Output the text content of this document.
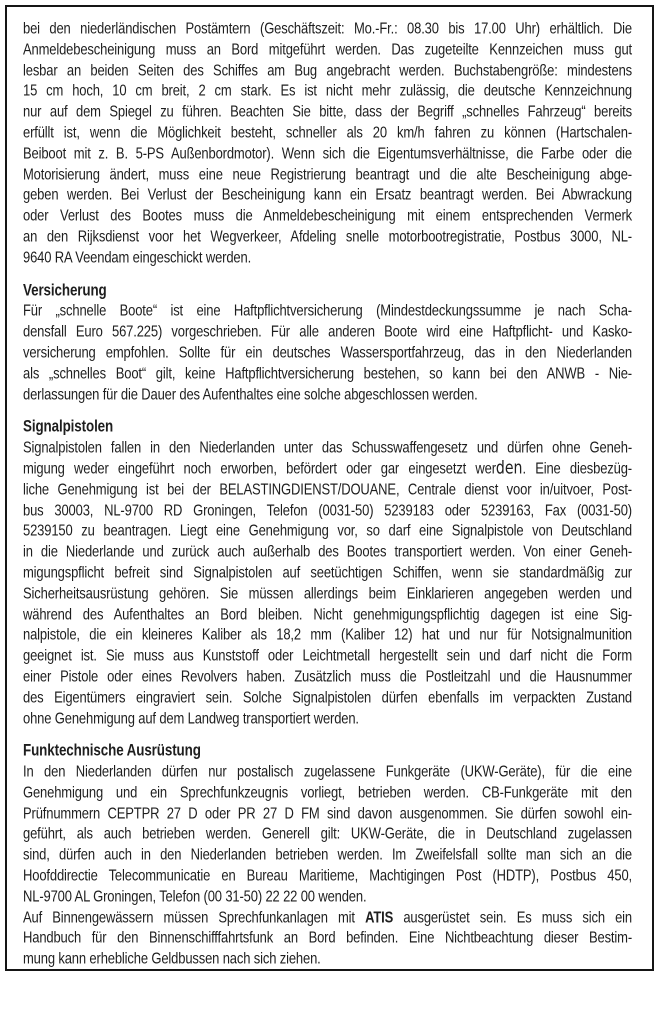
bei den niederländischen Postämtern (Geschäftszeit: Mo.-Fr.: 08.30 bis 17.00 Uhr) erhältlich. Die
Anmeldebescheinigung muss an Bord mitgeführt werden. Das zugeteilte Kennzeichen muss gut
lesbar an beiden Seiten des Schiffes am Bug angebracht werden. Buchstabengröße: mindestens
15 cm hoch, 10 cm breit, 2 cm stark. Es ist nicht mehr zulässig, die deutsche Kennzeichnung
nur auf dem Spiegel zu führen. Beachten Sie bitte, dass der Begriff „schnelles Fahrzeug“ bereits
erfüllt ist, wenn die Möglichkeit besteht, schneller als 20 km/h fahren zu können (Hartschalen-
Beiboot mit z. B. 5-PS Außenbordmotor). Wenn sich die Eigentumsverhältnisse, die Farbe oder die
Motorisierung ändert, muss eine neue Registrierung beantragt und die alte Bescheinigung abge-
geben werden. Bei Verlust der Bescheinigung kann ein Ersatz beantragt werden. Bei Abwrackung
oder Verlust des Bootes muss die Anmeldebescheinigung mit einem entsprechenden Vermerk
an den Rijksdienst voor het Wegverkeer, Afdeling snelle motorbootregistratie, Postbus 3000, NL-
9640 RA Veendam eingeschickt werden.
Versicherung
Für „schnelle Boote“ ist eine Haftpflichtversicherung (Mindestdeckungssumme je nach Scha-
densfall Euro 567.225) vorgeschrieben. Für alle anderen Boote wird eine Haftpflicht- und Kasko-
versicherung empfohlen. Sollte für ein deutsches Wassersportfahrzeug, das in den Niederlanden
als „schnelles Boot“ gilt, keine Haftpflichtversicherung bestehen, so kann bei den ANWB - Nie-
derlassungen für die Dauer des Aufenthaltes eine solche abgeschlossen werden.
Signalpistolen
Signalpistolen fallen in den Niederlanden unter das Schusswaffengesetz und dürfen ohne Geneh-
migung weder eingeführt noch erworben, befördert oder gar eingesetzt werden. Eine diesbezüg-
liche Genehmigung ist bei der BELASTINGDIENST/DOUANE, Centrale dienst voor in/uitvoer, Post-
bus 30003, NL-9700 RD Groningen, Telefon (0031-50) 5239183 oder 5239163, Fax (0031-50)
5239150 zu beantragen. Liegt eine Genehmigung vor, so darf eine Signalpistole von Deutschland
in die Niederlande und zurück auch außerhalb des Bootes transportiert werden. Von einer Geneh-
migungspflicht befreit sind Signalpistolen auf seetüchtigen Schiffen, wenn sie standardmäßig zur
Sicherheitsausrüstung gehören. Sie müssen allerdings beim Einklarieren angegeben werden und
während des Aufenthaltes an Bord bleiben. Nicht genehmigungspflichtig dagegen ist eine Sig-
nalpistole, die ein kleineres Kaliber als 18,2 mm (Kaliber 12) hat und nur für Notsignalmunition
geeignet ist. Sie muss aus Kunststoff oder Leichtmetall hergestellt sein und darf nicht die Form
einer Pistole oder eines Revolvers haben. Zusätzlich muss die Postleitzahl und die Hausnummer
des Eigentümers eingraviert sein. Solche Signalpistolen dürfen ebenfalls im verpackten Zustand
ohne Genehmigung auf dem Landweg transportiert werden.
Funktechnische Ausrüstung
In den Niederlanden dürfen nur postalisch zugelassene Funkgeräte (UKW-Geräte), für die eine
Genehmigung und ein Sprechfunkzeugnis vorliegt, betrieben werden. CB-Funkgeräte mit den
Prüfnummern CEPTPR 27 D oder PR 27 D FM sind davon ausgenommen. Sie dürfen sowohl ein-
geführt, als auch betrieben werden. Generell gilt: UKW-Geräte, die in Deutschland zugelassen
sind, dürfen auch in den Niederlanden betrieben werden. Im Zweifelsfall sollte man sich an die
Hoofddirectie Telecommunicatie en Bureau Maritieme, Machtigingen Post (HDTP), Postbus 450,
NL-9700 AL Groningen, Telefon (00 31-50) 22 22 00 wenden.
Auf Binnengewässern müssen Sprechfunkanlagen mit ATIS ausgerüstet sein. Es muss sich ein
Handbuch für den Binnenschifffahrtsfunk an Bord befinden. Eine Nichtbeachtung dieser Bestim-
mung kann erhebliche Geldbussen nach sich ziehen.
